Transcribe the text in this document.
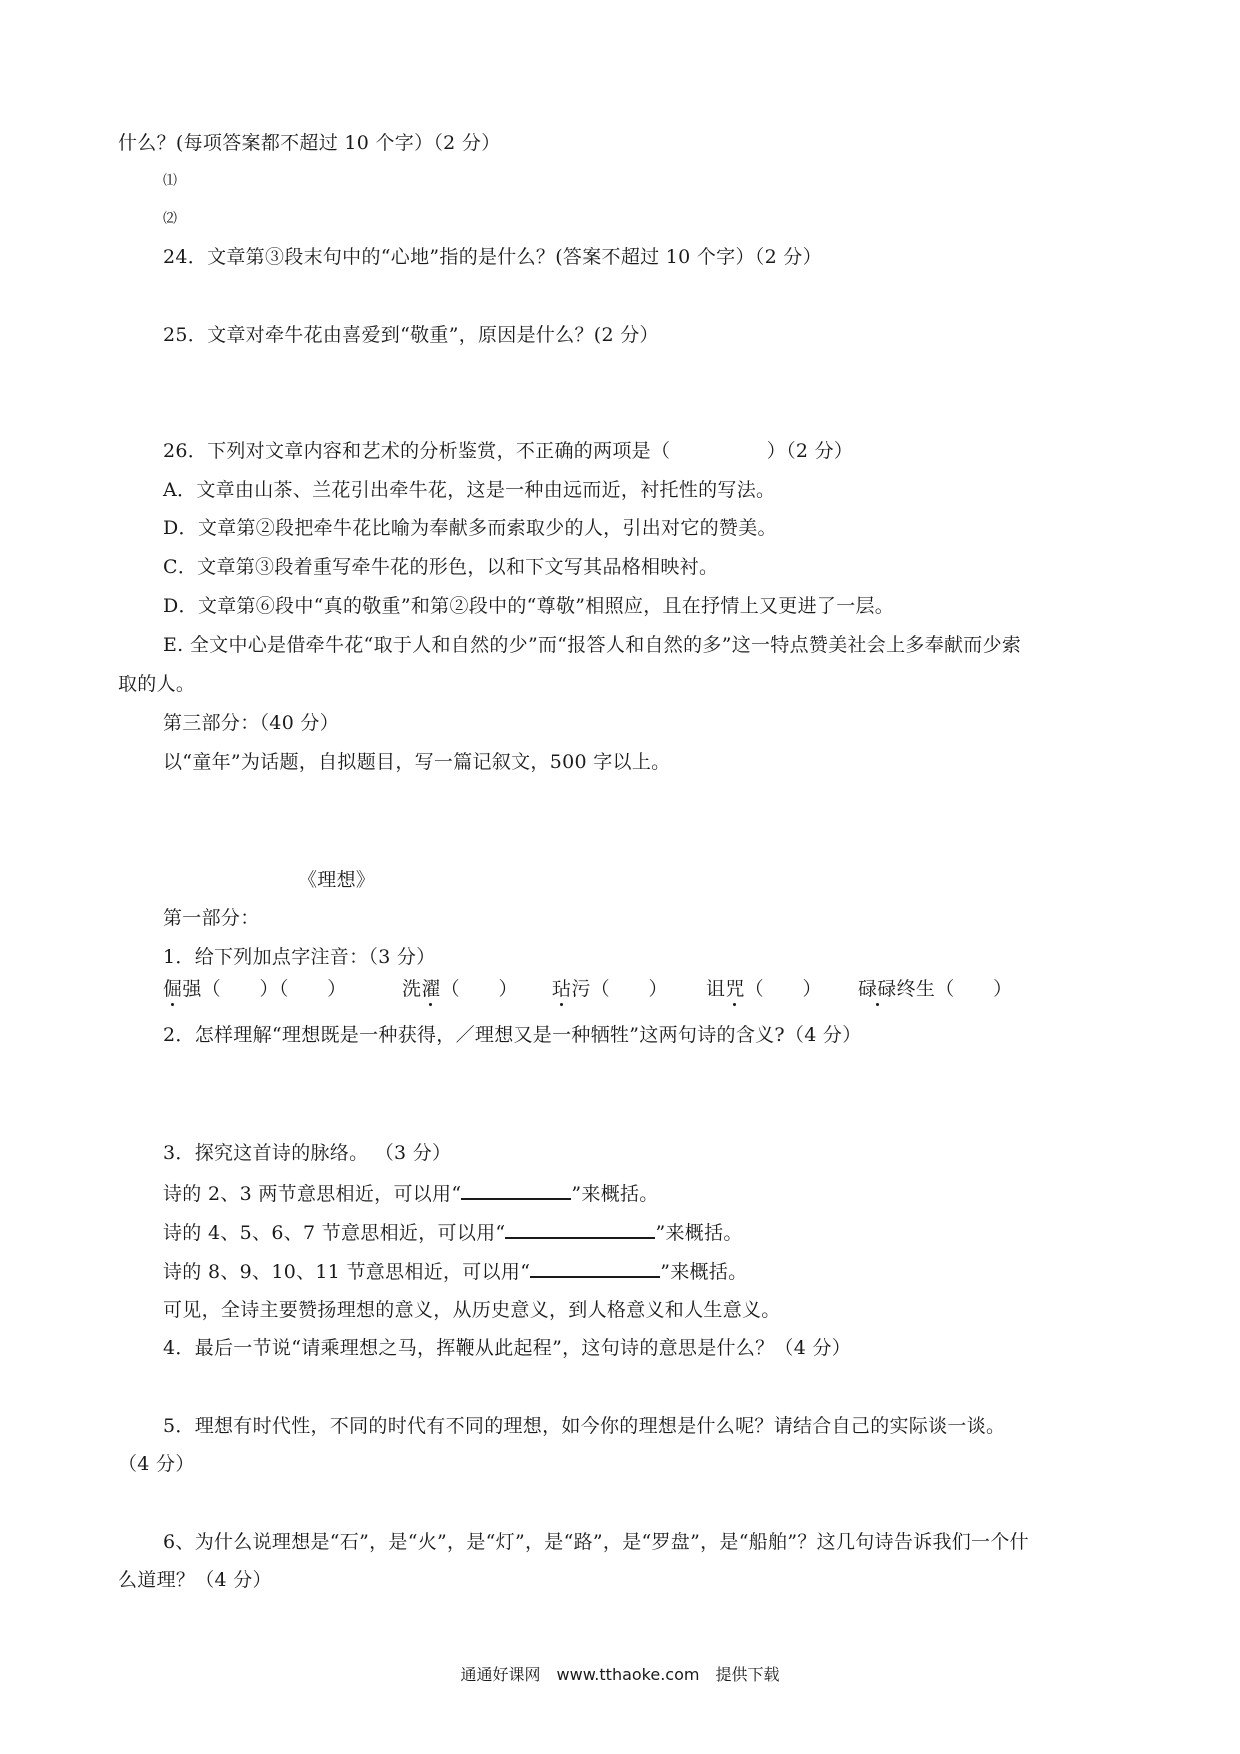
什么？(每项答案都不超过 10 个字）（2 分）
⑴
⑵
24．文章第③段末句中的“心地”指的是什么？(答案不超过 10 个字）（2 分）
25．文章对牵牛花由喜爱到“敬重”，原因是什么？(2 分）
26．下列对文章内容和艺术的分析鉴赏，不正确的两项是（　　　　　）（2 分）
A．文章由山茶、兰花引出牵牛花，这是一种由远而近，衬托性的写法。
D．文章第②段把牵牛花比喻为奉献多而索取少的人，引出对它的赞美。
C．文章第③段着重写牵牛花的形色，以和下文写其品格相映衬。
D．文章第⑥段中“真的敬重”和第②段中的“尊敬”相照应，且在抒情上又更进了一层。
E. 全文中心是借牵牛花“取于人和自然的少”而“报答人和自然的多”这一特点赞美社会上多奉献而少索
取的人。
第三部分：（40 分）
以“童年”为话题，自拟题目，写一篇记叙文，500 字以上。
《理想》
第一部分：
1．给下列加点字注音：（3 分）
倔强（　　）（　　）	洗濯（　　） 玷污（　　） 诅咒（　　） 碌碌终生（　　）
2．怎样理解“理想既是一种获得，／理想又是一种牺牲”这两句诗的含义?（4 分）
3．探究这首诗的脉络。 （3 分）
诗的 2、3 两节意思相近，可以用“	”来概括。
诗的 4、5、6、7 节意思相近，可以用“	”来概括。
诗的 8、9、10、11 节意思相近，可以用“	”来概括。
可见，全诗主要赞扬理想的意义，从历史意义，到人格意义和人生意义。
4．最后一节说“请乘理想之马，挥鞭从此起程”，这句诗的意思是什么？（4 分）
5．理想有时代性，不同的时代有不同的理想，如今你的理想是什么呢？请结合自己的实际谈一谈。
（4 分）
6、为什么说理想是“石”，是“火”，是“灯”，是“路”，是“罗盘”，是“船舶”？这几句诗告诉我们一个什
么道理？（4 分）
通通好课网　www.tthaoke.com　提供下载
